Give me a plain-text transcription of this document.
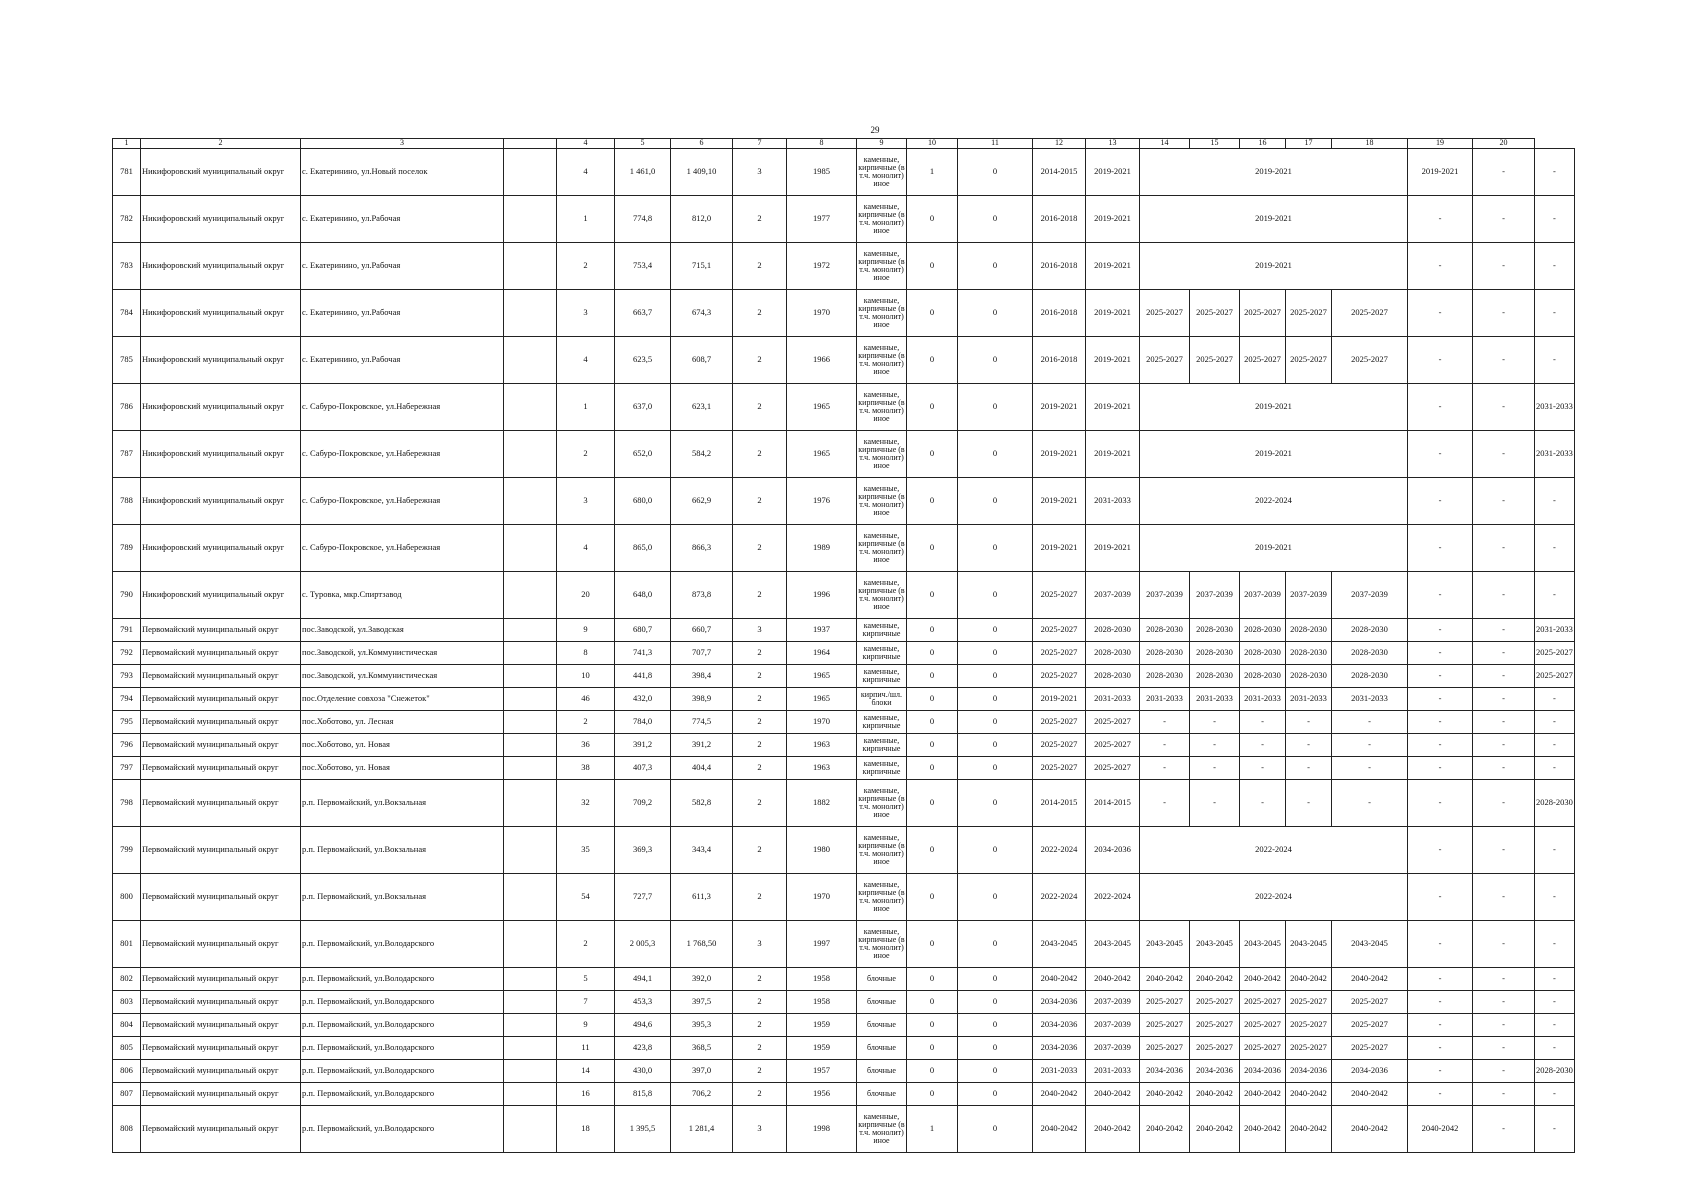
29
1	2	3		4	5	6	7	8	9	10	11	12	13	14	15	16	17	18	19	20	
781	Никифоровский муниципальный округ	с. Екатеринино, ул.Новый поселок		4	1 461,0	1 409,10	3	1985	каменные, кирпичные (в т.ч. монолит) иное	1	0	2014-2015	2019-2021	2019-2021					2019-2021	-	-
782	Никифоровский муниципальный округ	с. Екатеринино, ул.Рабочая		1	774,8	812,0	2	1977	каменные, кирпичные (в т.ч. монолит) иное	0	0	2016-2018	2019-2021	2019-2021					-	-	-
783	Никифоровский муниципальный округ	с. Екатеринино, ул.Рабочая		2	753,4	715,1	2	1972	каменные, кирпичные (в т.ч. монолит) иное	0	0	2016-2018	2019-2021	2019-2021					-	-	-
784	Никифоровский муниципальный округ	с. Екатеринино, ул.Рабочая		3	663,7	674,3	2	1970	каменные, кирпичные (в т.ч. монолит) иное	0	0	2016-2018	2019-2021	2025-2027	2025-2027	2025-2027	2025-2027	2025-2027	-	-	-
785	Никифоровский муниципальный округ	с. Екатеринино, ул.Рабочая		4	623,5	608,7	2	1966	каменные, кирпичные (в т.ч. монолит) иное	0	0	2016-2018	2019-2021	2025-2027	2025-2027	2025-2027	2025-2027	2025-2027	-	-	-
786	Никифоровский муниципальный округ	с. Сабуро-Покровское, ул.Набережная		1	637,0	623,1	2	1965	каменные, кирпичные (в т.ч. монолит) иное	0	0	2019-2021	2019-2021	2019-2021					-	-	2031-2033
787	Никифоровский муниципальный округ	с. Сабуро-Покровское, ул.Набережная		2	652,0	584,2	2	1965	каменные, кирпичные (в т.ч. монолит) иное	0	0	2019-2021	2019-2021	2019-2021					-	-	2031-2033
788	Никифоровский муниципальный округ	с. Сабуро-Покровское, ул.Набережная		3	680,0	662,9	2	1976	каменные, кирпичные (в т.ч. монолит) иное	0	0	2019-2021	2031-2033	2022-2024					-	-	-
789	Никифоровский муниципальный округ	с. Сабуро-Покровское, ул.Набережная		4	865,0	866,3	2	1989	каменные, кирпичные (в т.ч. монолит) иное	0	0	2019-2021	2019-2021	2019-2021					-	-	-
790	Никифоровский муниципальный округ	с. Туровка, мкр.Спиртзавод		20	648,0	873,8	2	1996	каменные, кирпичные (в т.ч. монолит) иное	0	0	2025-2027	2037-2039	2037-2039	2037-2039	2037-2039	2037-2039	2037-2039	-	-	-
791	Первомайский муниципальный округ	пос.Заводской, ул.Заводская		9	680,7	660,7	3	1937	каменные, кирпичные	0	0	2025-2027	2028-2030	2028-2030	2028-2030	2028-2030	2028-2030	2028-2030	-	-	2031-2033
792	Первомайский муниципальный округ	пос.Заводской, ул.Коммунистическая		8	741,3	707,7	2	1964	каменные, кирпичные	0	0	2025-2027	2028-2030	2028-2030	2028-2030	2028-2030	2028-2030	2028-2030	-	-	2025-2027
793	Первомайский муниципальный округ	пос.Заводской, ул.Коммунистическая		10	441,8	398,4	2	1965	каменные, кирпичные	0	0	2025-2027	2028-2030	2028-2030	2028-2030	2028-2030	2028-2030	2028-2030	-	-	2025-2027
794	Первомайский муниципальный округ	пос.Отделение совхоза "Снежеток"		46	432,0	398,9	2	1965	кирпич./шл. блоки	0	0	2019-2021	2031-2033	2031-2033	2031-2033	2031-2033	2031-2033	2031-2033	-	-	-
795	Первомайский муниципальный округ	пос.Хоботово, ул. Лесная		2	784,0	774,5	2	1970	каменные, кирпичные	0	0	2025-2027	2025-2027	-	-	-	-	-	-	-	-
796	Первомайский муниципальный округ	пос.Хоботово, ул. Новая		36	391,2	391,2	2	1963	каменные, кирпичные	0	0	2025-2027	2025-2027	-	-	-	-	-	-	-	-
797	Первомайский муниципальный округ	пос.Хоботово, ул. Новая		38	407,3	404,4	2	1963	каменные, кирпичные	0	0	2025-2027	2025-2027	-	-	-	-	-	-	-	-
798	Первомайский муниципальный округ	р.п. Первомайский, ул.Вокзальная		32	709,2	582,8	2	1882	каменные, кирпичные (в т.ч. монолит) иное	0	0	2014-2015	2014-2015	-	-	-	-	-	-	-	2028-2030
799	Первомайский муниципальный округ	р.п. Первомайский, ул.Вокзальная		35	369,3	343,4	2	1980	каменные, кирпичные (в т.ч. монолит) иное	0	0	2022-2024	2034-2036	2022-2024					-	-	-
800	Первомайский муниципальный округ	р.п. Первомайский, ул.Вокзальная		54	727,7	611,3	2	1970	каменные, кирпичные (в т.ч. монолит) иное	0	0	2022-2024	2022-2024	2022-2024					-	-	-
801	Первомайский муниципальный округ	р.п. Первомайский, ул.Володарского		2	2 005,3	1 768,50	3	1997	каменные, кирпичные (в т.ч. монолит) иное	0	0	2043-2045	2043-2045	2043-2045	2043-2045	2043-2045	2043-2045	2043-2045	-	-	-
802	Первомайский муниципальный округ	р.п. Первомайский, ул.Володарского		5	494,1	392,0	2	1958	блочные	0	0	2040-2042	2040-2042	2040-2042	2040-2042	2040-2042	2040-2042	2040-2042	-	-	-
803	Первомайский муниципальный округ	р.п. Первомайский, ул.Володарского		7	453,3	397,5	2	1958	блочные	0	0	2034-2036	2037-2039	2025-2027	2025-2027	2025-2027	2025-2027	2025-2027	-	-	-
804	Первомайский муниципальный округ	р.п. Первомайский, ул.Володарского		9	494,6	395,3	2	1959	блочные	0	0	2034-2036	2037-2039	2025-2027	2025-2027	2025-2027	2025-2027	2025-2027	-	-	-
805	Первомайский муниципальный округ	р.п. Первомайский, ул.Володарского		11	423,8	368,5	2	1959	блочные	0	0	2034-2036	2037-2039	2025-2027	2025-2027	2025-2027	2025-2027	2025-2027	-	-	-
806	Первомайский муниципальный округ	р.п. Первомайский, ул.Володарского		14	430,0	397,0	2	1957	блочные	0	0	2031-2033	2031-2033	2034-2036	2034-2036	2034-2036	2034-2036	2034-2036	-	-	2028-2030
807	Первомайский муниципальный округ	р.п. Первомайский, ул.Володарского		16	815,8	706,2	2	1956	блочные	0	0	2040-2042	2040-2042	2040-2042	2040-2042	2040-2042	2040-2042	2040-2042	-	-	-
808	Первомайский муниципальный округ	р.п. Первомайский, ул.Володарского		18	1 395,5	1 281,4	3	1998	каменные, кирпичные (в т.ч. монолит) иное	1	0	2040-2042	2040-2042	2040-2042	2040-2042	2040-2042	2040-2042	2040-2042	2040-2042	-	-
